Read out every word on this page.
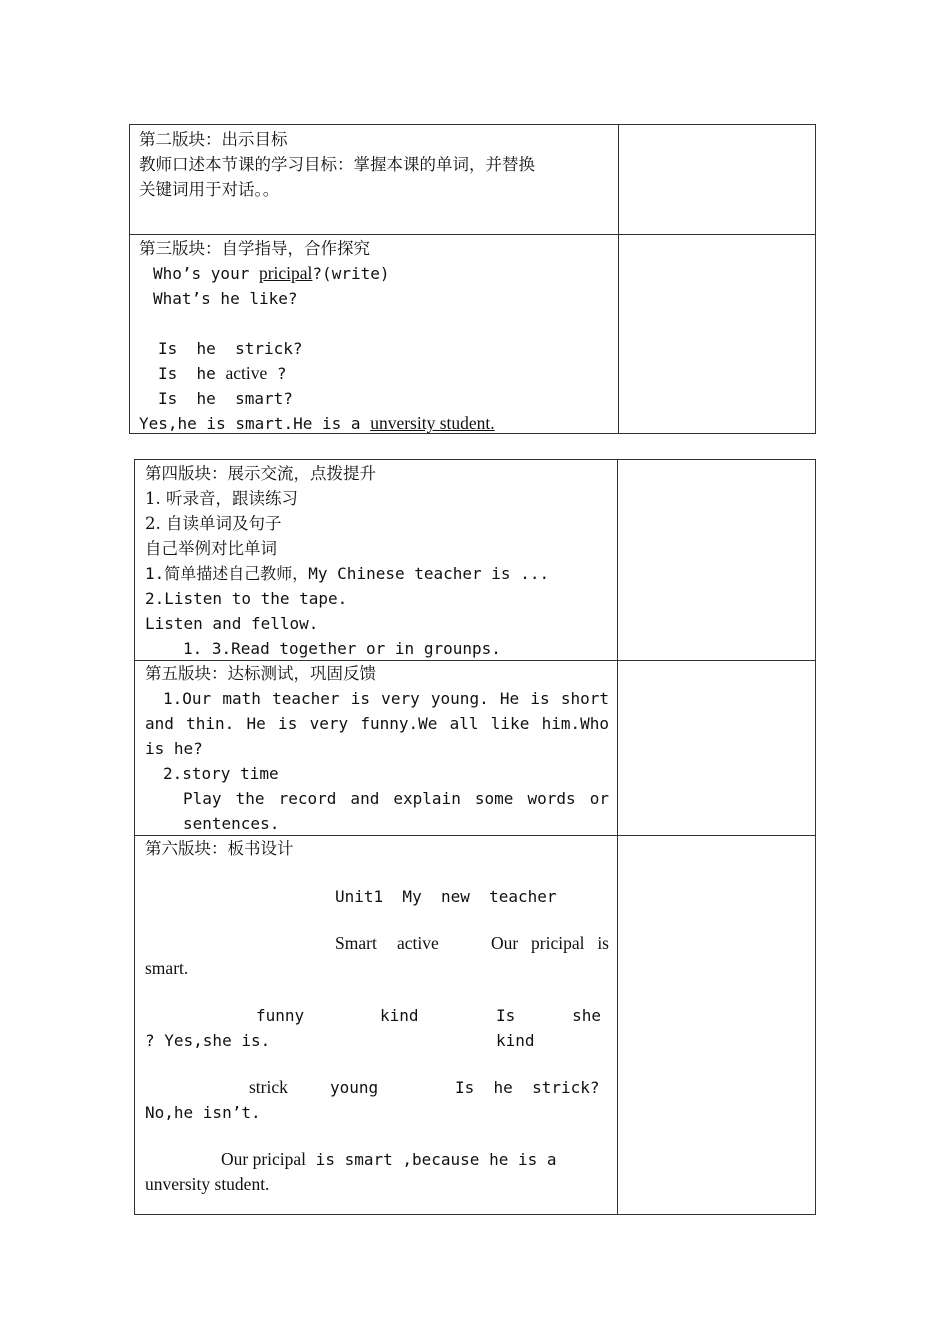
第二版块：出示目标
教师口述本节课的学习目标：掌握本课的单词，并替换
关键词用于对话。。
第三版块：自学指导，合作探究
Who’s your pricipal?(write)
What’s he like?
Is  he  strick?
Is  he active ?
Is  he  smart?
Yes,he is smart.He is a unversity student.
第四版块：展示交流，点拨提升
1. 听录音，跟读练习
2. 自读单词及句子
自己举例对比单词
1.简单描述自己教师，My Chinese teacher is ...
2.Listen to the tape.
Listen and fellow.
1. 3.Read together or in grounps.
第五版块：达标测试，巩固反馈
1.Our math teacher is very young. He is short
and thin. He is very funny.We all like him.Who
is he?
2.story time
Play the record and explain some words or
sentences.
第六版块：板书设计
Unit1  My  new  teacher
Smart active	Our pricipal is
smart.
funny	kind	Is she kind
? Yes,she is.
strick	young	Is  he  strick?
No,he isn’t.
Our pricipal is smart ,because he is a
unversity student.
